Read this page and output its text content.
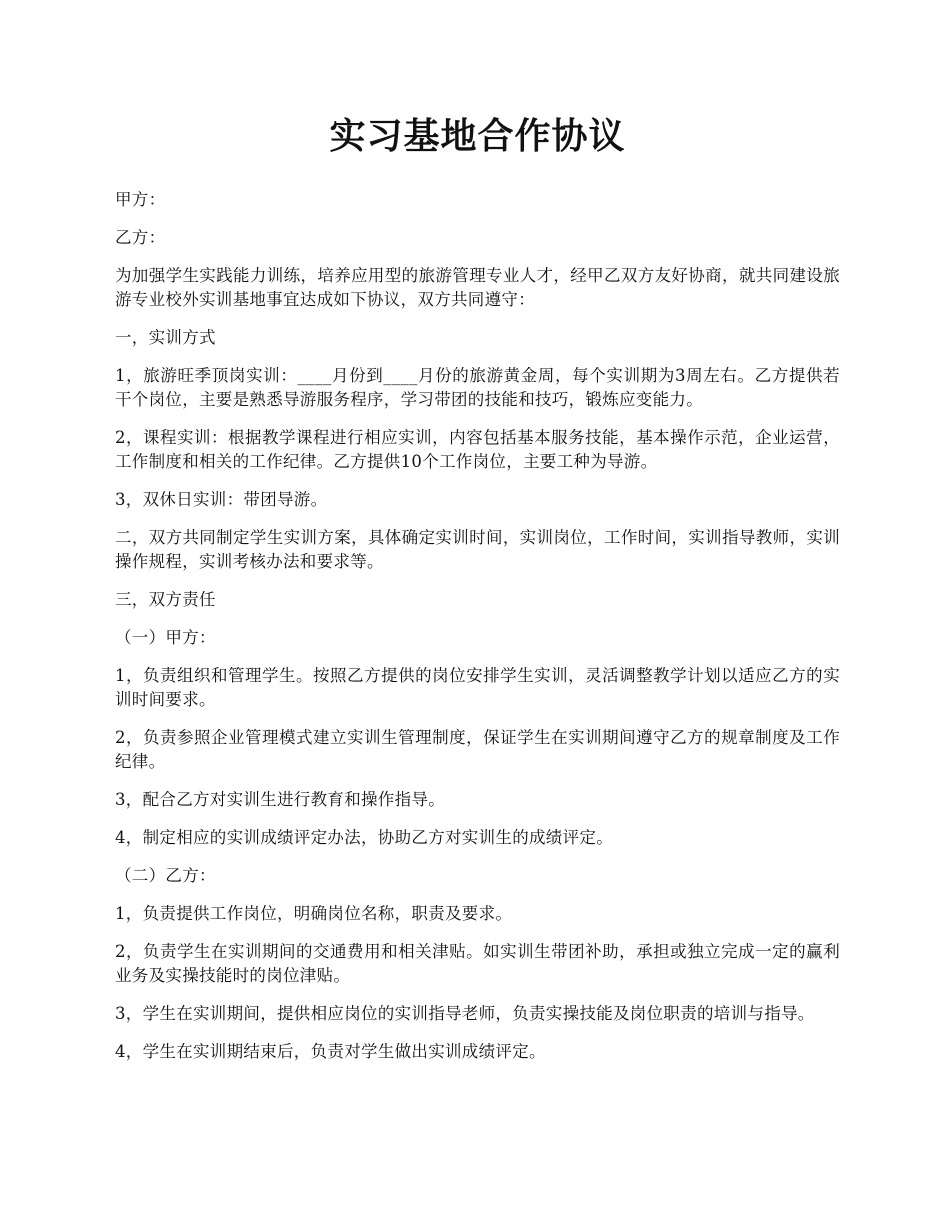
实习基地合作协议

甲方：

乙方：

为加强学生实践能力训练，培养应用型的旅游管理专业人才，经甲乙双方友好协商，就共同建设旅游专业校外实训基地事宜达成如下协议，双方共同遵守：

一，实训方式

1，旅游旺季顶岗实训：____月份到____月份的旅游黄金周，每个实训期为3周左右。乙方提供若干个岗位，主要是熟悉导游服务程序，学习带团的技能和技巧，锻炼应变能力。

2，课程实训：根据教学课程进行相应实训，内容包括基本服务技能，基本操作示范，企业运营，工作制度和相关的工作纪律。乙方提供10个工作岗位，主要工种为导游。

3，双休日实训：带团导游。

二，双方共同制定学生实训方案，具体确定实训时间，实训岗位，工作时间，实训指导教师，实训操作规程，实训考核办法和要求等。

三，双方责任

（一）甲方：

1，负责组织和管理学生。按照乙方提供的岗位安排学生实训，灵活调整教学计划以适应乙方的实训时间要求。

2，负责参照企业管理模式建立实训生管理制度，保证学生在实训期间遵守乙方的规章制度及工作纪律。

3，配合乙方对实训生进行教育和操作指导。

4，制定相应的实训成绩评定办法，协助乙方对实训生的成绩评定。

（二）乙方：

1，负责提供工作岗位，明确岗位名称，职责及要求。

2，负责学生在实训期间的交通费用和相关津贴。如实训生带团补助，承担或独立完成一定的赢利业务及实操技能时的岗位津贴。

3，学生在实训期间，提供相应岗位的实训指导老师，负责实操技能及岗位职责的培训与指导。

4，学生在实训期结束后，负责对学生做出实训成绩评定。
